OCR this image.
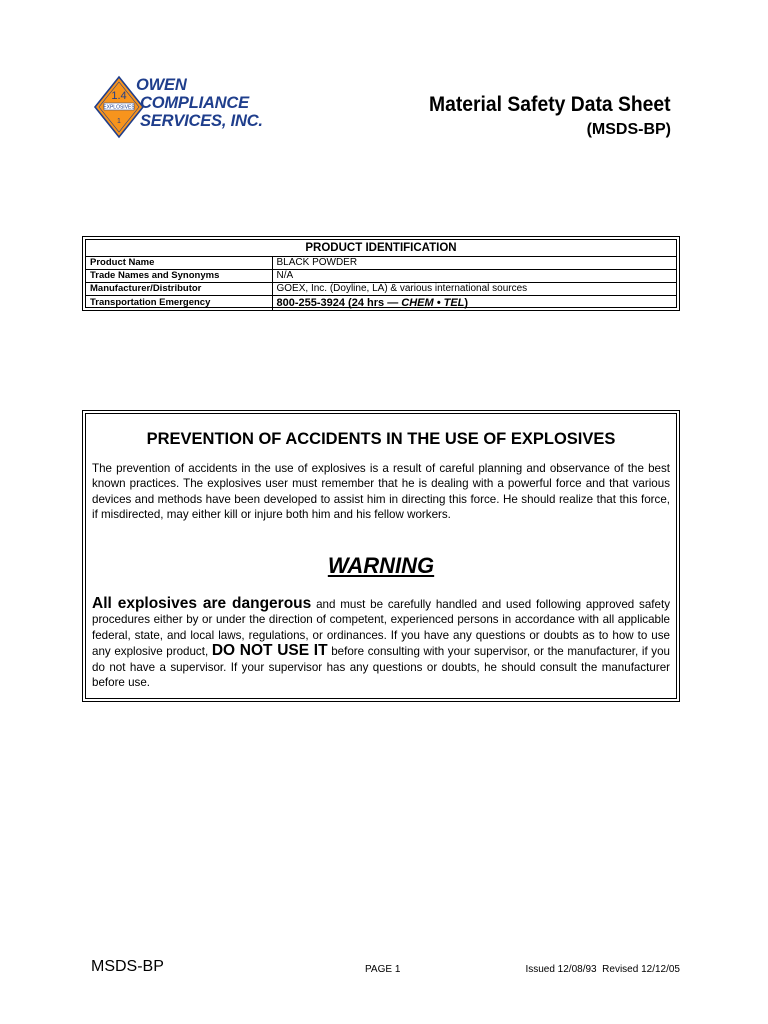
1.4
EXPLOSIVES
1
OWEN
COMPLIANCE
SERVICES, INC.
Material Safety Data Sheet
(MSDS-BP)
PRODUCT IDENTIFICATION	
Product Name	BLACK POWDER
Trade Names and Synonyms	N/A
Manufacturer/Distributor	GOEX, Inc. (Doyline, LA) & various international sources
Transportation Emergency	800-255-3924 (24 hrs — CHEM • TEL)
PREVENTION OF ACCIDENTS IN THE USE OF EXPLOSIVES

The prevention of accidents in the use of explosives is a result of careful planning and observance of the best known practices. The explosives user must remember that he is dealing with a powerful force and that various devices and methods have been developed to assist him in directing this force. He should realize that this force, if misdirected, may either kill or injure both him and his fellow workers.

WARNING

All explosives are dangerous and must be carefully handled and used following approved safety procedures either by or under the direction of competent, experienced persons in accordance with all applicable federal, state, and local laws, regulations, or ordinances. If you have any questions or doubts as to how to use any explosive product, DO NOT USE IT before consulting with your supervisor, or the manufacturer, if you do not have a supervisor. If your supervisor has any questions or doubts, he should consult the manufacturer before use.

MSDS-BP	PAGE 1	Issued 12/08/93  Revised 12/12/05
